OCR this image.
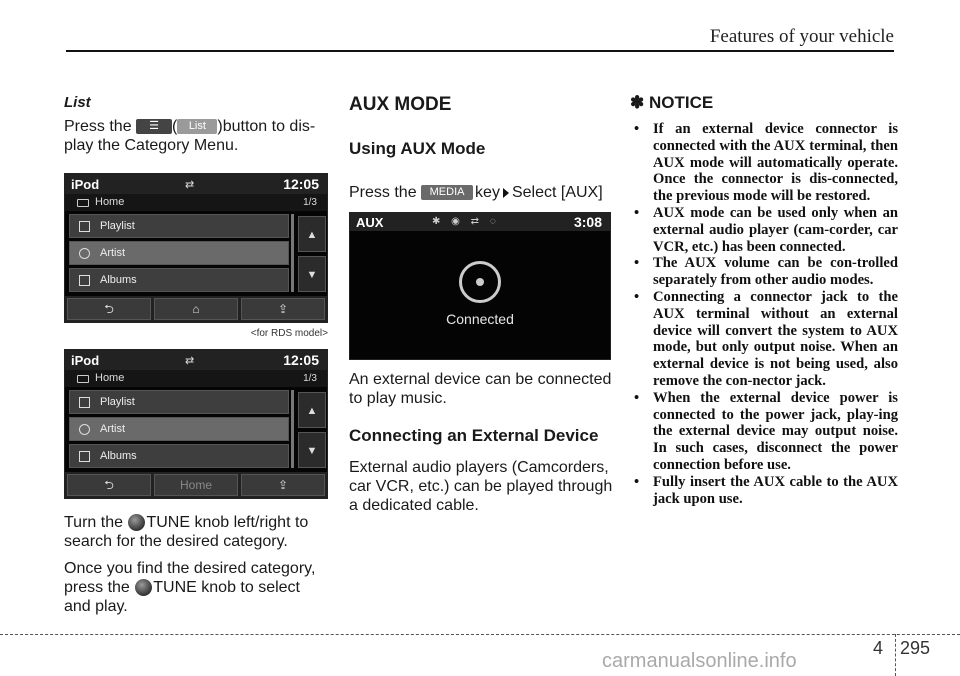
Features of your vehicle
List

Press the ☰ ( List )button to dis-play the Category Menu.

iPod	⇄	12:05
Home	1/3
Playlist
Artist
Albums
▲
▼
⮌	⌂	⇪
<for RDS model>
iPod	⇄	12:05
Home	1/3
Playlist
Artist
Albums
▲
▼
⮌	Home	⇪

Turn the TUNE knob left/right to search for the desired category.

Once you find the desired category, press the TUNE knob to select and play.

AUX MODE
Using AUX Mode

Press the MEDIA key Select [AUX]

AUX	✱ ◉ ⇄ ◌	3:08
Connected

An external device can be connected to play music.

Connecting an External Device

External audio players (Camcorders, car VCR, etc.) can be played through a dedicated cable.

✽ NOTICE
• If an external device connector is connected with the AUX terminal, then AUX mode will automatically operate. Once the connector is dis-connected, the previous mode will be restored.
• AUX mode can be used only when an external audio player (cam-corder, car VCR, etc.) has been connected.
• The AUX volume can be con-trolled separately from other audio modes.
• Connecting a connector jack to the AUX terminal without an external device will convert the system to AUX mode, but only output noise. When an external device is not being used, also remove the con-nector jack.
• When the external device power is connected to the power jack, play-ing the external device may output noise. In such cases, disconnect the power connection before use.
• Fully insert the AUX cable to the AUX jack upon use.
4 295
carmanualsonline.info
